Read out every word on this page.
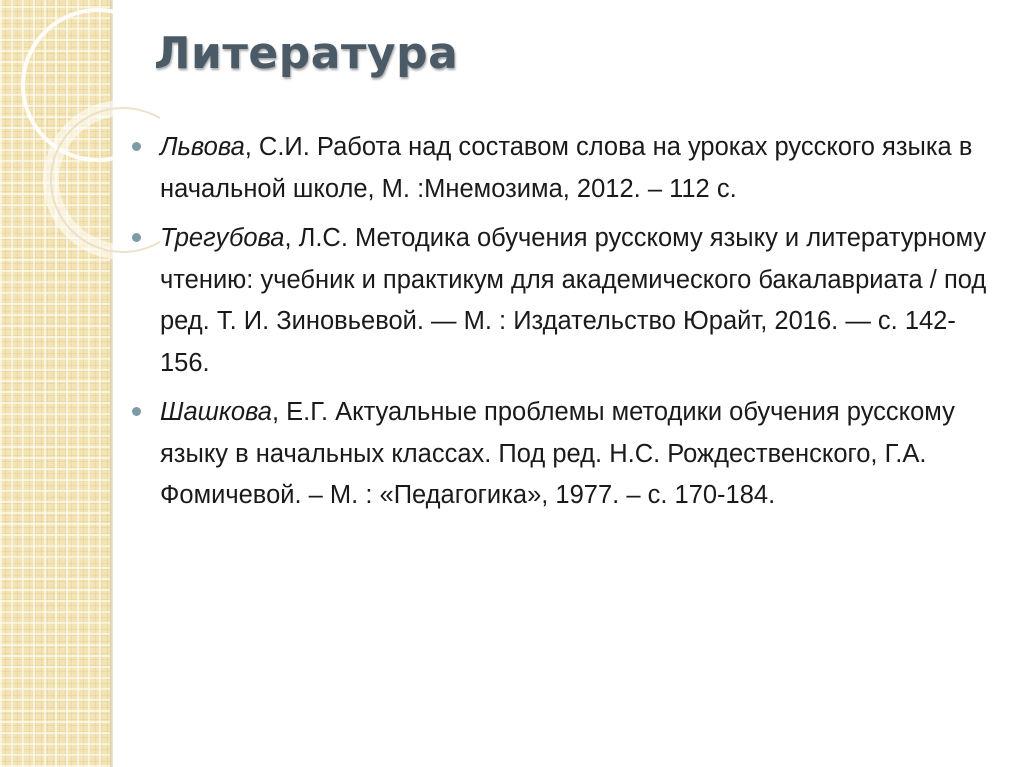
Литература
Львова, С.И. Работа над составом слова на уроках русского языка в начальной школе, М. :Мнемозима, 2012. – 112 с.
Трегубова, Л.С. Методика обучения русскому языку и литературному чтению: учебник и практикум для академического бакалавриата / под ред. Т. И. Зиновьевой. — М. : Издательство Юрайт, 2016. — с. 142-156.
Шашкова, Е.Г. Актуальные проблемы методики обучения русскому языку в начальных классах. Под ред. Н.С. Рождественского, Г.А. Фомичевой. – М. : «Педагогика», 1977. – с. 170-184.
